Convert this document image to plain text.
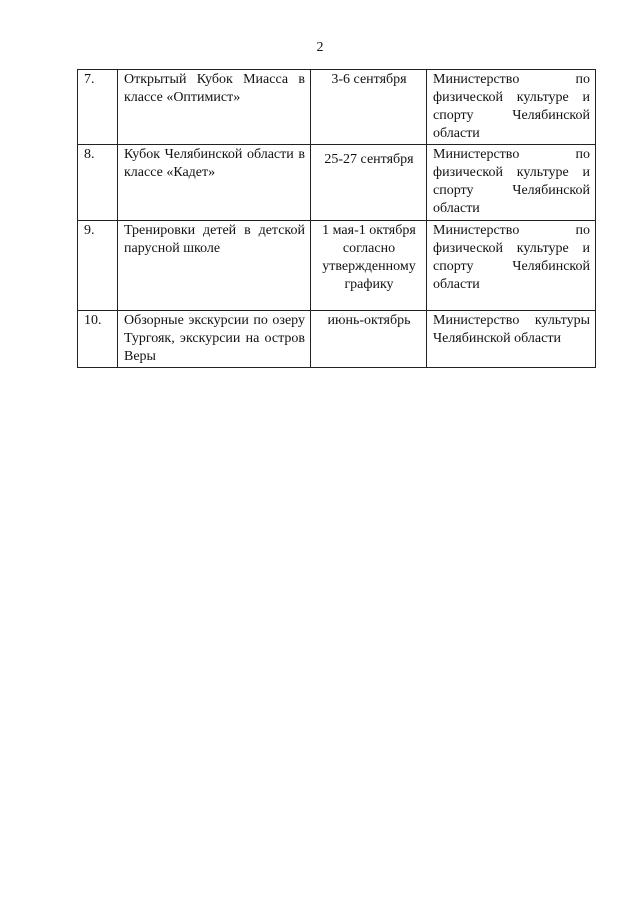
2
7.	Открытый Кубок Миасса в классе «Оптимист»	3-6 сентября	Министерство по физической культуре и спорту Челябинской области
8.	Кубок Челябинской области в классе «Кадет»	25-27 сентября	Министерство по физической культуре и спорту Челябинской области
9.	Тренировки детей в детской парусной школе	1 мая-1 октября согласно утвержденному графику	Министерство по физической культуре и спорту Челябинской области
10.	Обзорные экскурсии по озеру Тургояк, экскурсии на остров Веры	июнь-октябрь	Министерство культуры Челябинской области
